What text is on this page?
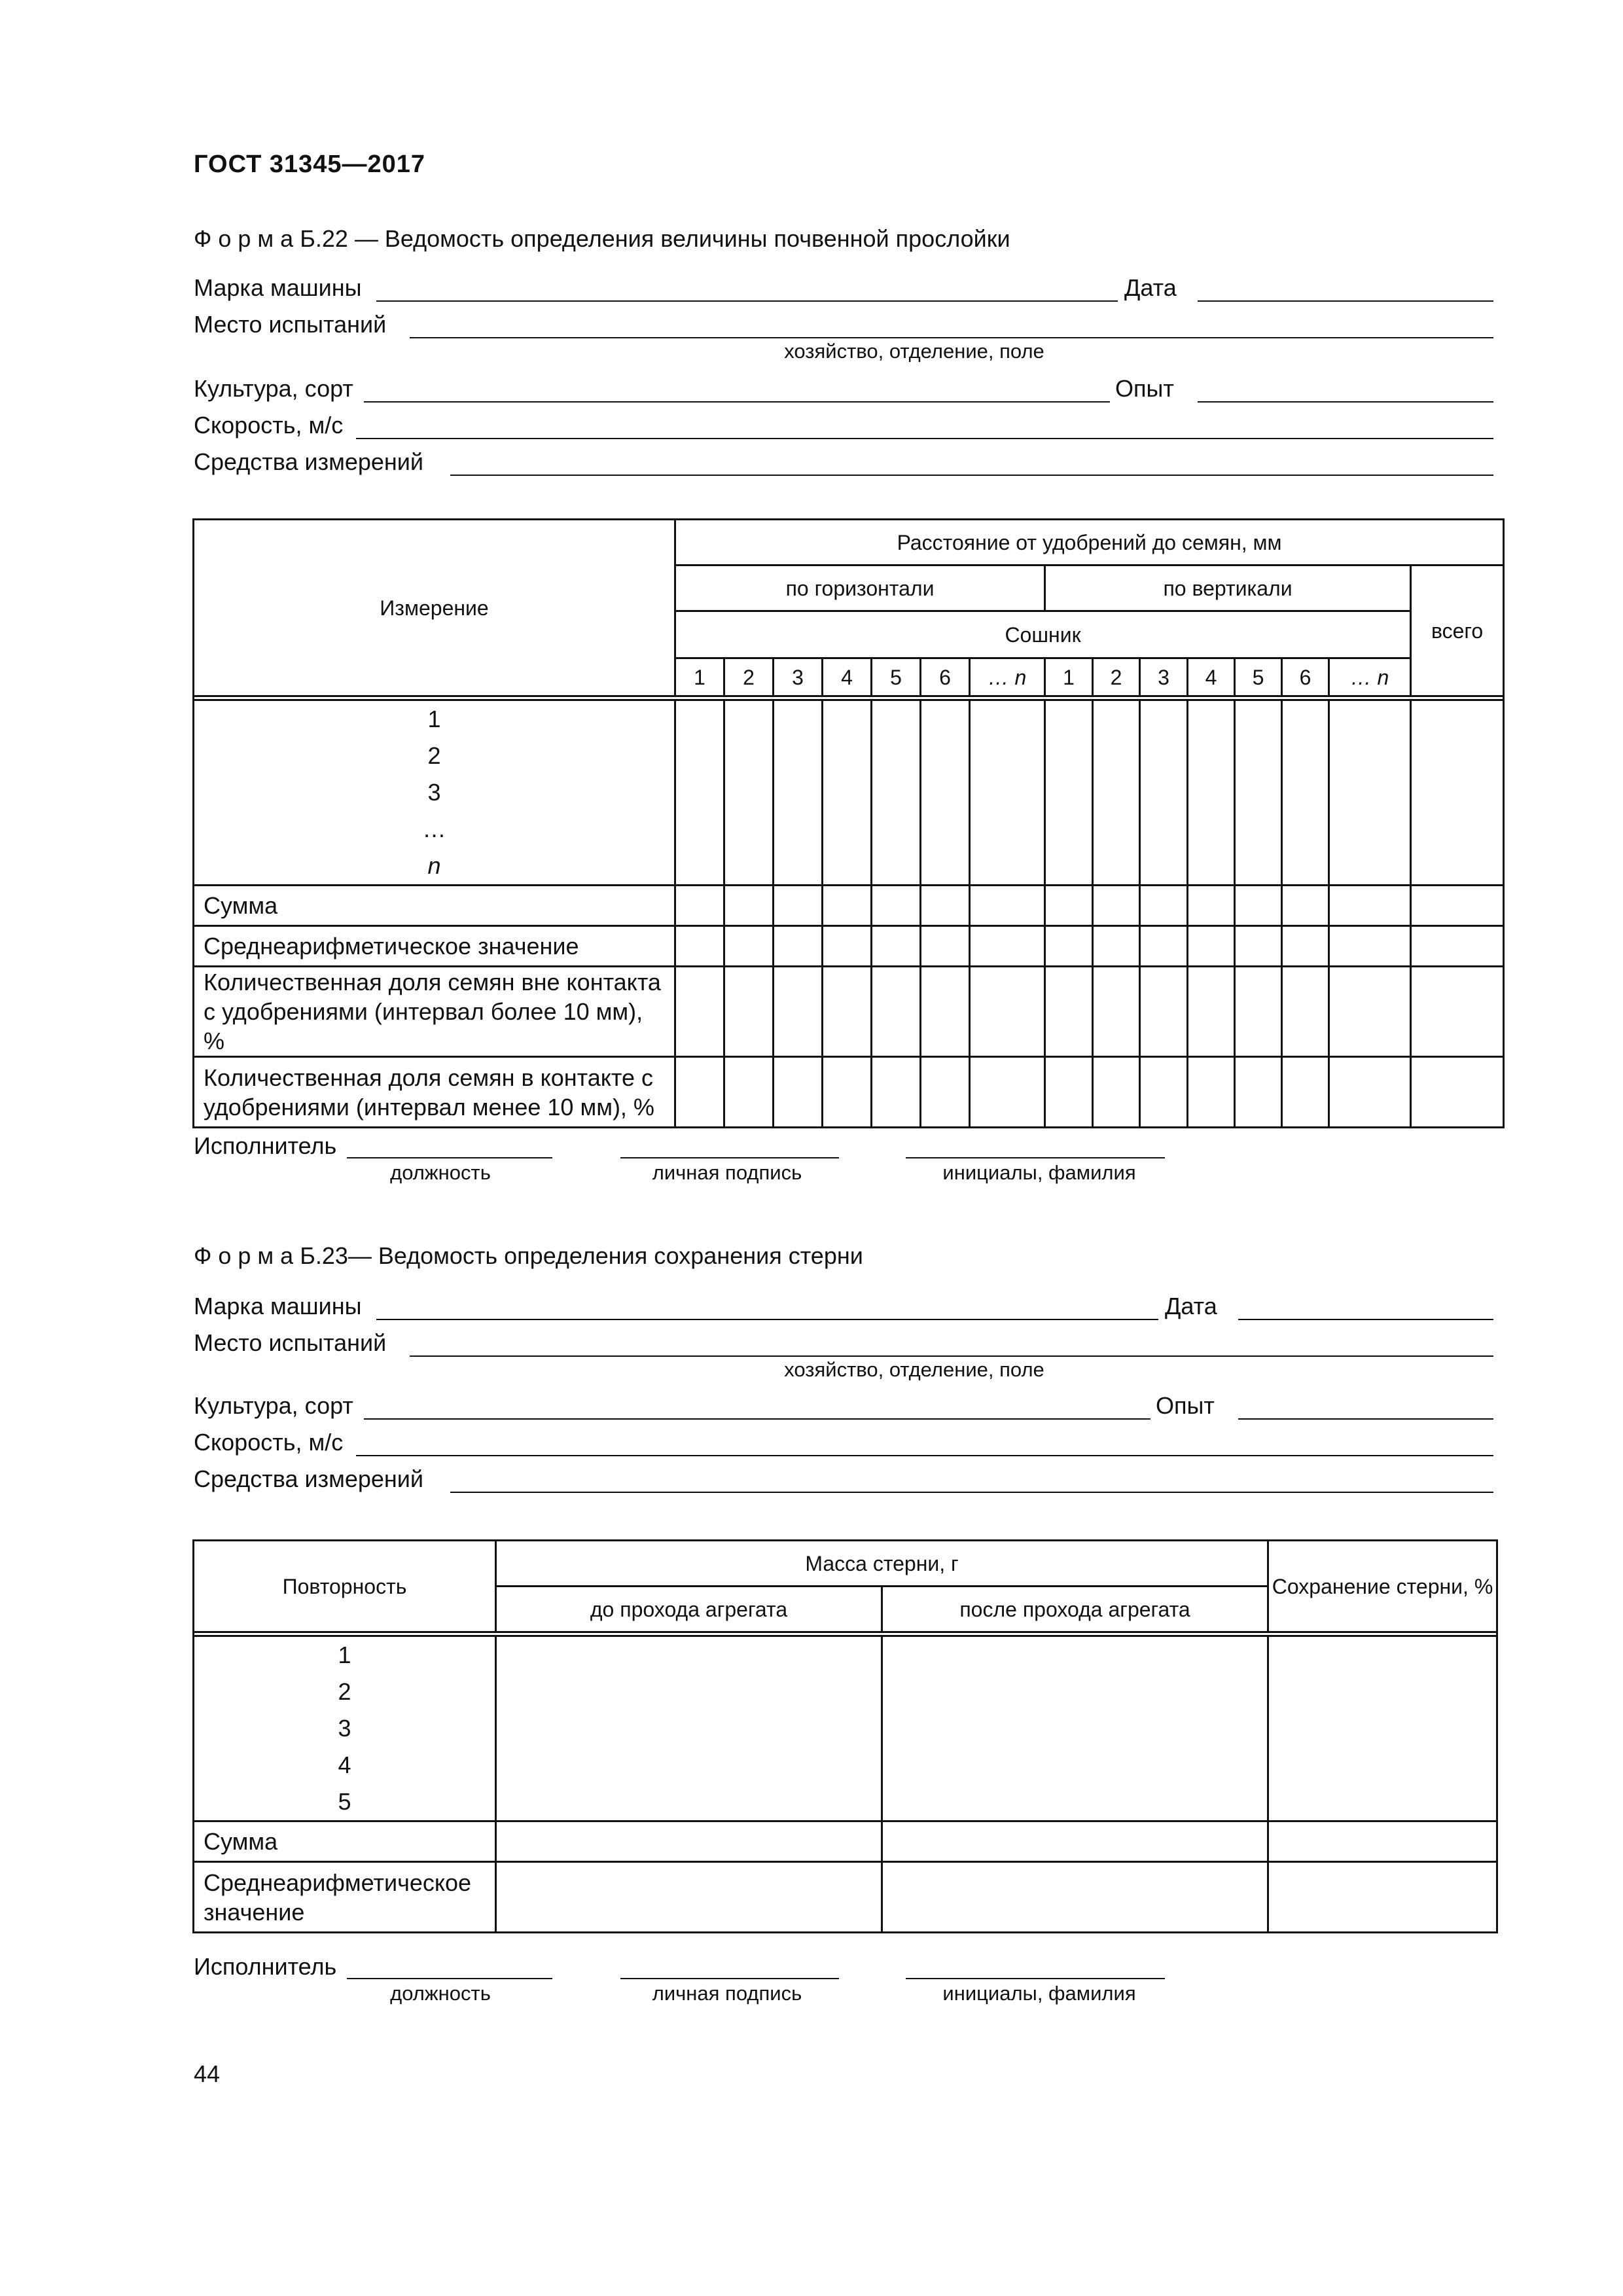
ГОСТ 31345—2017
Ф о р м а Б.22 — Ведомость определения величины почвенной прослойки
Марка машины	Дата
Место испытаний
хозяйство, отделение, поле
Культура, сорт	Опыт
Скорость, м/с
Средства измерений
Измерение	Расстояние от удобрений до семян, мм														
	по горизонтали							по вертикали							всего
	Сошник														
	1	2	3	4	5	6	… n	1	2	3	4	5	6	… n	

1
2
3
…
n															

Сумма															
Среднеарифметическое значение															
Количественная доля семян вне контакта с удобрениями (интервал более 10 мм), %															
Количественная доля семян в контакте с удобрениями (интервал менее 10 мм), %															
Исполнитель
должность	личная подпись	инициалы, фамилия
Ф о р м а Б.23— Ведомость определения сохранения стерни
Марка машины	Дата
Место испытаний
хозяйство, отделение, поле
Культура, сорт	Опыт
Скорость, м/с
Средства измерений
Повторность	Масса стерни, г		Сохранение стерни, %
	до прохода агрегата	после прохода агрегата	

1
2
3
4
5			

Сумма			
Среднеарифметическое значение			
Исполнитель
должность	личная подпись	инициалы, фамилия
44
